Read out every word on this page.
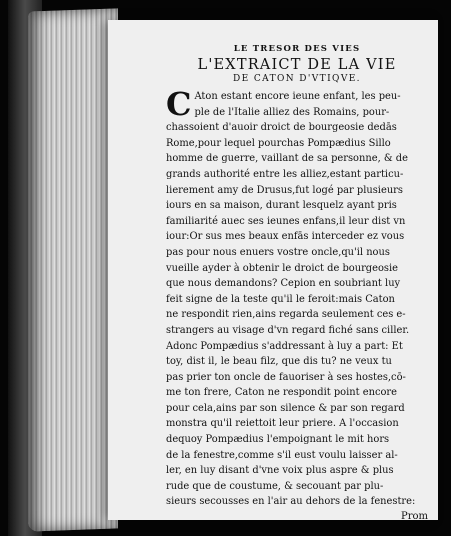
LE TRESOR DES VIES
L'EXTRAICT DE LA VIE
DE CATON D'VTIQVE.
C Aton estant encore ieune enfant, les peu-
ple de l'Italie alliez des Romains, pour-
chassoient d'auoir droict de bourgeosie dedās
Rome,pour lequel pourchas Pompædius Sillo
homme de guerre, vaillant de sa personne, & de
grands authorité entre les alliez,estant particu-
lierement amy de Drusus,fut logé par plusieurs
iours en sa maison, durant lesquelz ayant pris
familiarité auec ses ieunes enfans,il leur dist vn
iour:Or sus mes beaux enfās interceder ez vous
pas pour nous enuers vostre oncle,qu'il nous
vueille ayder à obtenir le droict de bourgeosie
que nous demandons? Cepion en soubriant luy
feit signe de la teste qu'il le feroit:mais Caton
ne respondit rien,ains regarda seulement ces e-
strangers au visage d'vn regard fiché sans ciller.
Adonc Pompædius s'addressant à luy a part: Et
toy, dist il, le beau filz, que dis tu? ne veux tu
pas prier ton oncle de fauoriser à ses hostes,cō-
me ton frere, Caton ne respondit point encore
pour cela,ains par son silence & par son regard
monstra qu'il reiettoit leur priere. A l'occasion
dequoy Pompædius l'empoignant le mit hors
de la fenestre,comme s'il eust voulu laisser al-
ler, en luy disant d'vne voix plus aspre & plus
rude que de coustume, & secouant par plu-
sieurs secousses en l'air au dehors de la fenestre:
Prom
